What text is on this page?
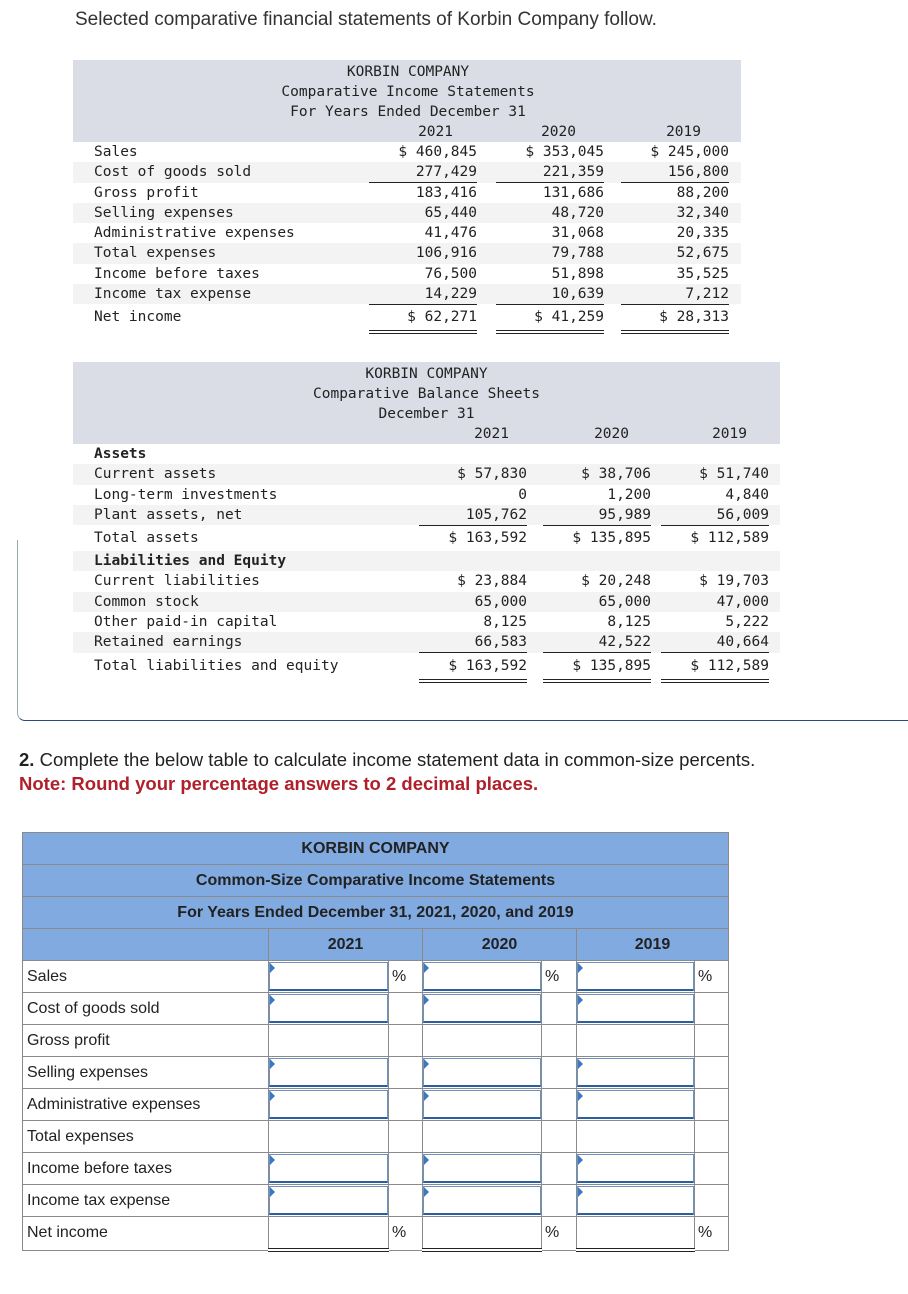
Selected comparative financial statements of Korbin Company follow.
KORBIN COMPANY
Comparative Income Statements
For Years Ended December 31
2021	2020	2019
Sales	$ 460,845	$ 353,045	$ 245,000
Cost of goods sold	277,429	221,359	156,800
Gross profit	183,416	131,686	88,200
Selling expenses	65,440	48,720	32,340
Administrative expenses	41,476	31,068	20,335
Total expenses	106,916	79,788	52,675
Income before taxes	76,500	51,898	35,525
Income tax expense	14,229	10,639	7,212
Net income	$ 62,271	$ 41,259	$ 28,313
KORBIN COMPANY
Comparative Balance Sheets
December 31
2021	2020	2019
Assets
Current assets	$ 57,830	$ 38,706	$ 51,740
Long-term investments	0	1,200	4,840
Plant assets, net	105,762	95,989	56,009
Total assets	$ 163,592	$ 135,895	$ 112,589
Liabilities and Equity
Current liabilities	$ 23,884	$ 20,248	$ 19,703
Common stock	65,000	65,000	47,000
Other paid-in capital	8,125	8,125	5,222
Retained earnings	66,583	42,522	40,664
Total liabilities and equity	$ 163,592	$ 135,895	$ 112,589
2. Complete the below table to calculate income statement data in common-size percents.
Note: Round your percentage answers to 2 decimal places.
KORBIN COMPANY						
Common-Size Comparative Income Statements						
For Years Ended December 31, 2021, 2020, and 2019						
	2021		2020		2019	
Sales		%		%		%
Cost of goods sold	

Gross profit						
Selling expenses	

Administrative expenses	

Total expenses						
Income before taxes	

Income tax expense	

Net income		%		%		%
